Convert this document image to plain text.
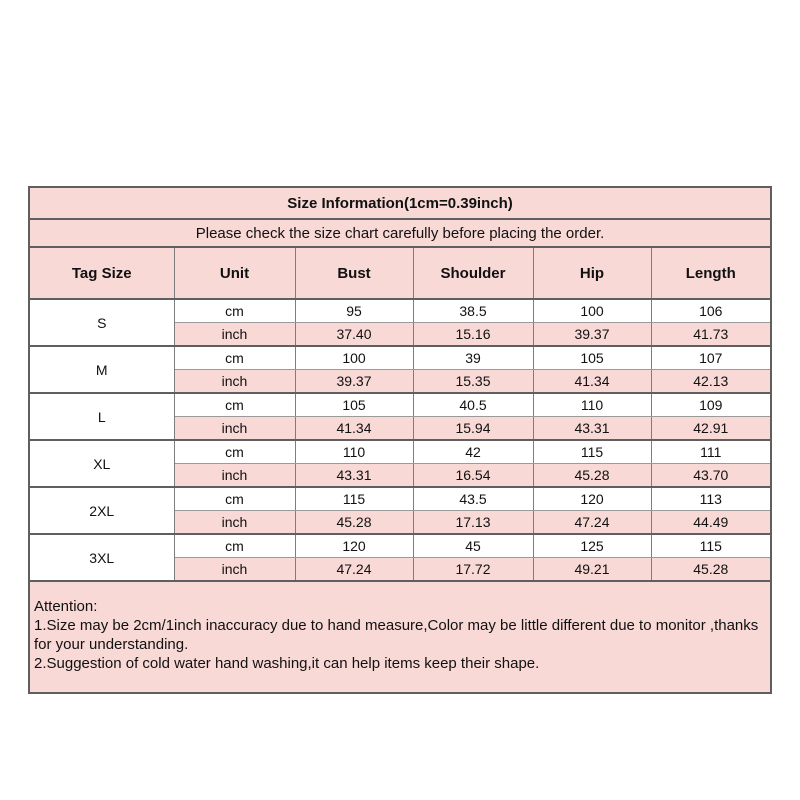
Size Information(1cm=0.39inch)					
Please check the size chart carefully before placing the order.					
Tag Size	Unit	Bust	Shoulder	Hip	Length
S	cm	95	38.5	100	106
	inch	37.40	15.16	39.37	41.73
M	cm	100	39	105	107
	inch	39.37	15.35	41.34	42.13
L	cm	105	40.5	110	109
	inch	41.34	15.94	43.31	42.91
XL	cm	110	42	115	111
	inch	43.31	16.54	45.28	43.70
2XL	cm	115	43.5	120	113
	inch	45.28	17.13	47.24	44.49
3XL	cm	120	45	125	115
	inch	47.24	17.72	49.21	45.28

Attention:
1.Size may be 2cm/1inch inaccuracy due to hand measure,Color may be little different due to monitor ,thanks
for your understanding.
2.Suggestion of cold water hand washing,it can help items keep their shape.					
